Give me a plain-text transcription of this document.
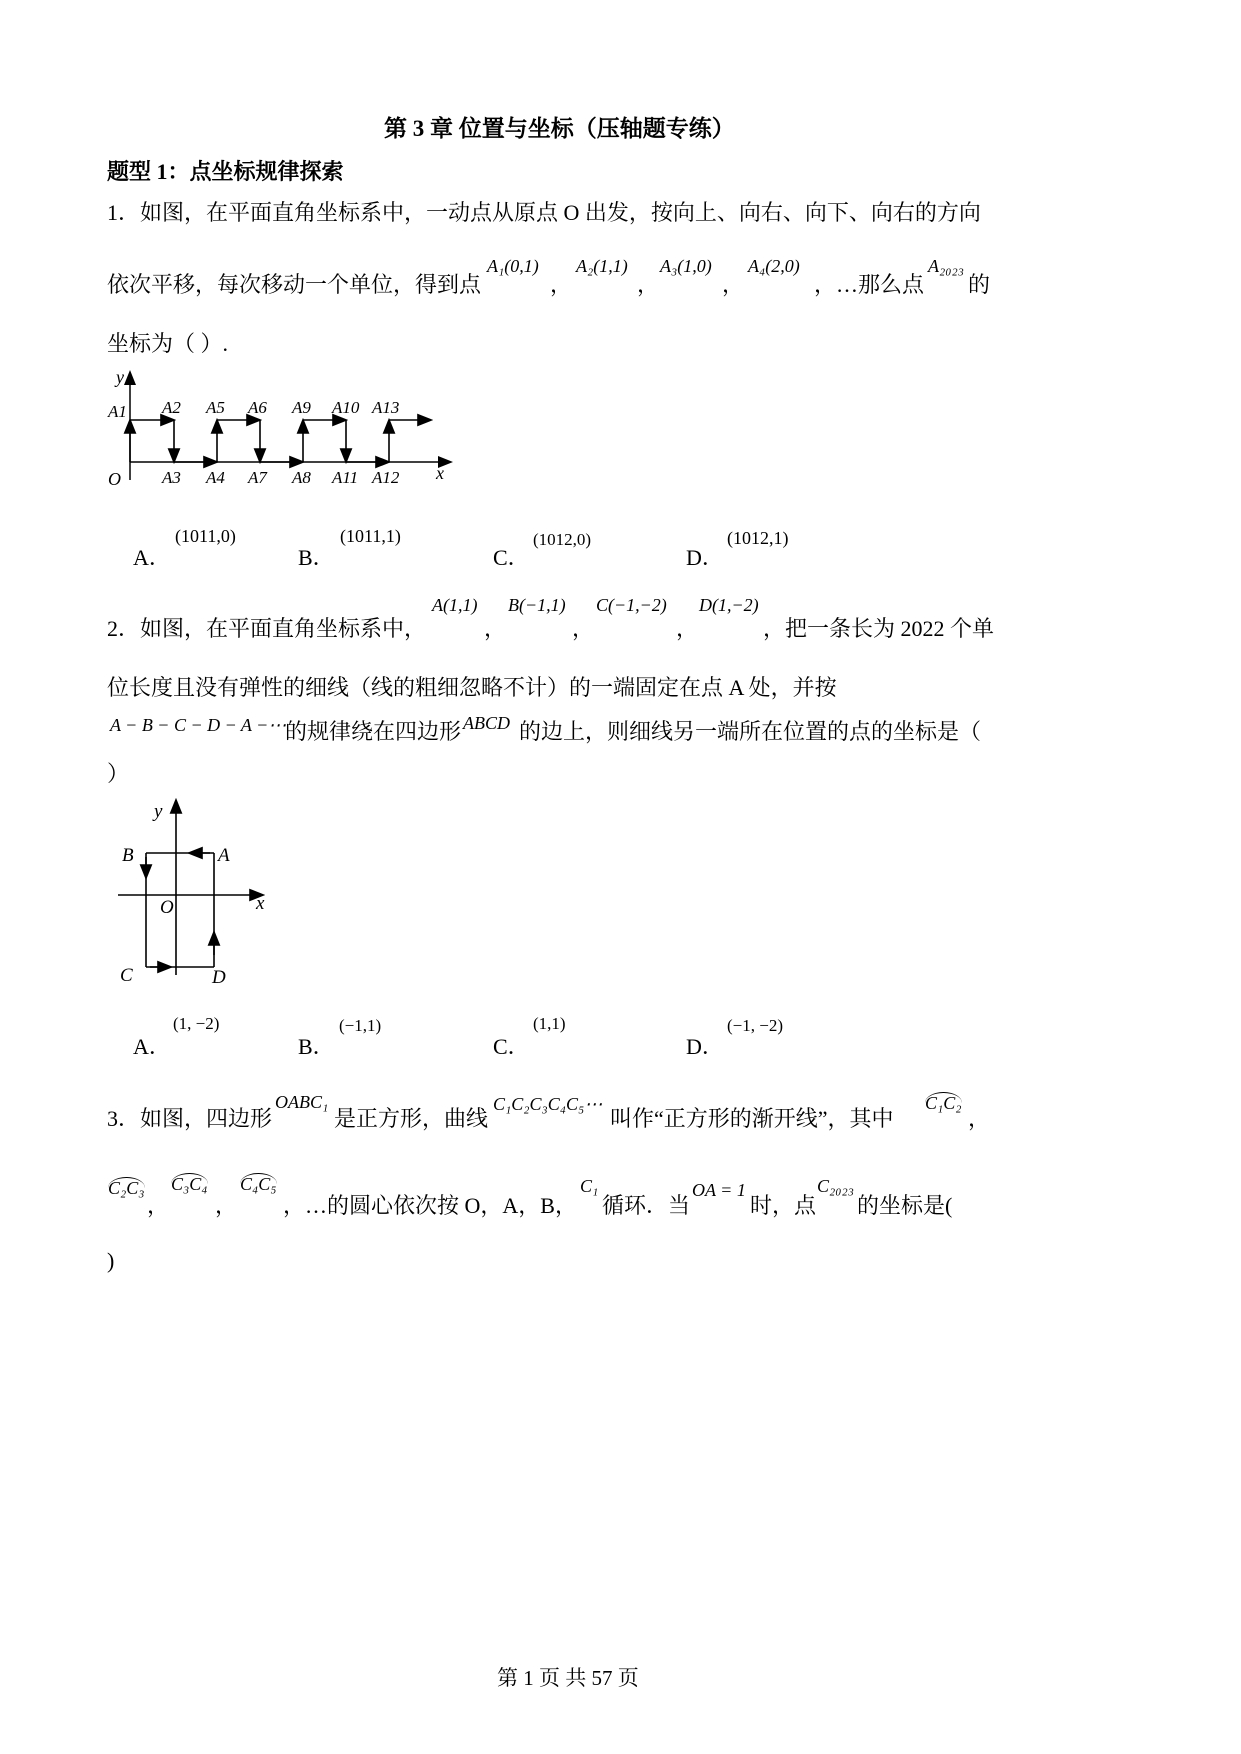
第 3 章 位置与坐标（压轴题专练）
题型 1：点坐标规律探索
1．如图，在平面直角坐标系中，一动点从原点 O 出发，按向上、向右、向下、向右的方向
依次平移，每次移动一个单位，得到点
A₁(0,1)
，
A₂(1,1)
，
A₃(1,0)
，
A₄(2,0)
，…那么点
A₂₀₂₃
的
坐标为（ ）.
y
x
O
A1 A2 A5 A6 A9 A10 A13
A3 A4 A7 A8 A11 A12
A．
(1011,0)
B．
(1011,1)
C．
(1012,0)
D．
(1012,1)
2．如图，在平面直角坐标系中，
A(1,1)
，
B(−1,1)
，
C(−1,−2)
，
D(1,−2)
，把一条长为 2022 个单
位长度且没有弹性的细线（线的粗细忽略不计）的一端固定在点 A 处，并按
A − B − C − D − A −⋯
的规律绕在四边形 ABCD 的边上，则细线另一端所在位置的点的坐标是（
）
y
x
O
A
B
C	D
A．
(1, −2)
B．
(−1,1)
C．
(1,1)
D．
(−1, −2)
3．如图，四边形
OABC₁
是正方形，曲线
C₁C₂C₃C₄C₅⋯
叫作“正方形的渐开线”，其中
C₁C₂
，
C₂C₃
，
C₃C₄
，
C₄C₅
，…的圆心依次按 O，A，B，
C₁
循环．当
OA = 1
时，点
C₂₀₂₃
的坐标是(
)
第 1 页 共 57 页
